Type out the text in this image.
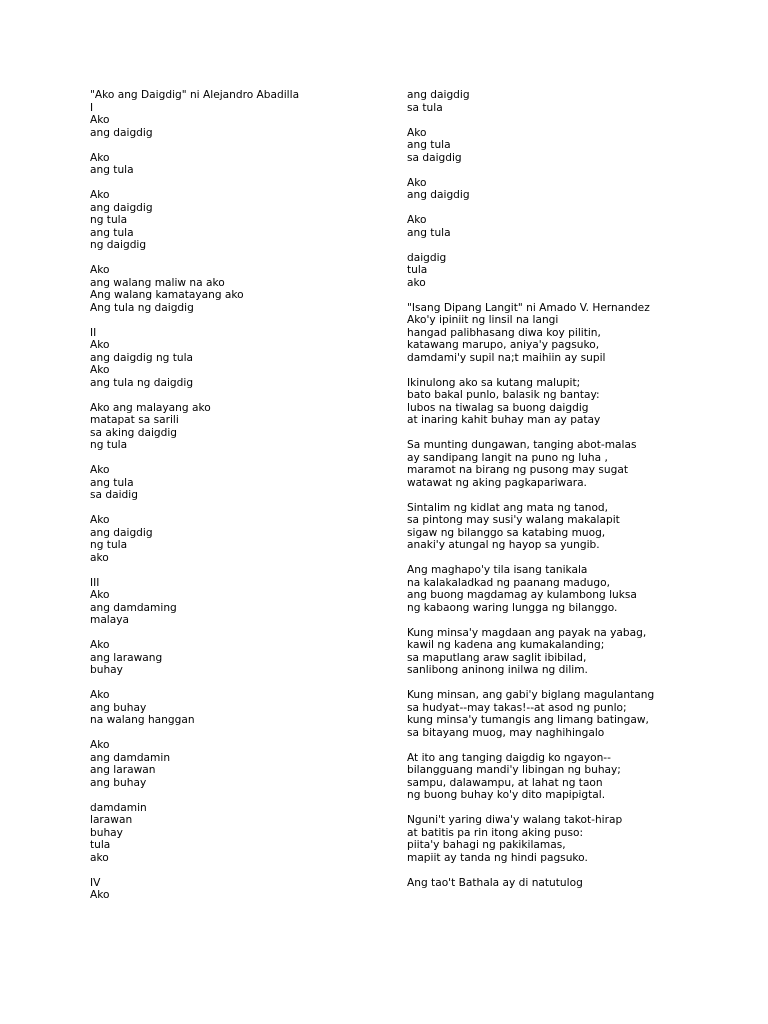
"Ako ang Daigdig" ni Alejandro Abadilla
I
Ako
ang daigdig
Ako
ang tula
Ako
ang daigdig
ng tula
ang tula
ng daigdig
Ako
ang walang maliw na ako
Ang walang kamatayang ako
Ang tula ng daigdig
II
Ako
ang daigdig ng tula
Ako
ang tula ng daigdig
Ako ang malayang ako
matapat sa sarili
sa aking daigdig
ng tula
Ako
ang tula
sa daidig
Ako
ang daigdig
ng tula
ako
III
Ako
ang damdaming
malaya
Ako
ang larawang
buhay
Ako
ang buhay
na walang hanggan
Ako
ang damdamin
ang larawan
ang buhay
damdamin
larawan
buhay
tula
ako
IV
Ako
ang daigdig
sa tula
Ako
ang tula
sa daigdig
Ako
ang daigdig
Ako
ang tula
daigdig
tula
ako
"Isang Dipang Langit" ni Amado V. Hernandez
Ako'y ipiniit ng linsil na langi
hangad palibhasang diwa koy pilitin,
katawang marupo, aniya'y pagsuko,
damdami'y supil na;t maihiin ay supil
Ikinulong ako sa kutang malupit;
bato bakal punlo, balasik ng bantay:
lubos na tiwalag sa buong daigdig
at inaring kahit buhay man ay patay
Sa munting dungawan, tanging abot-malas
ay sandipang langit na puno ng luha ,
maramot na birang ng pusong may sugat
watawat ng aking pagkapariwara.
Sintalim ng kidlat ang mata ng tanod,
sa pintong may susi'y walang makalapit
sigaw ng bilanggo sa katabing muog,
anaki'y atungal ng hayop sa yungib.
Ang maghapo'y tila isang tanikala
na kalakaladkad ng paanang madugo,
ang buong magdamag ay kulambong luksa
ng kabaong waring lungga ng bilanggo.
Kung minsa'y magdaan ang payak na yabag,
kawil ng kadena ang kumakalanding;
sa maputlang araw saglit ibibilad,
sanlibong aninong inilwa ng dilim.
Kung minsan, ang gabi'y biglang magulantang
sa hudyat--may takas!--at asod ng punlo;
kung minsa'y tumangis ang limang batingaw,
sa bitayang muog, may naghihingalo
At ito ang tanging daigdig ko ngayon--
bilangguang mandi'y libingan ng buhay;
sampu, dalawampu, at lahat ng taon
ng buong buhay ko'y dito mapipigtal.
Nguni't yaring diwa'y walang takot-hirap
at batitis pa rin itong aking puso:
piita'y bahagi ng pakikilamas,
mapiit ay tanda ng hindi pagsuko.
Ang tao't Bathala ay di natutulog
